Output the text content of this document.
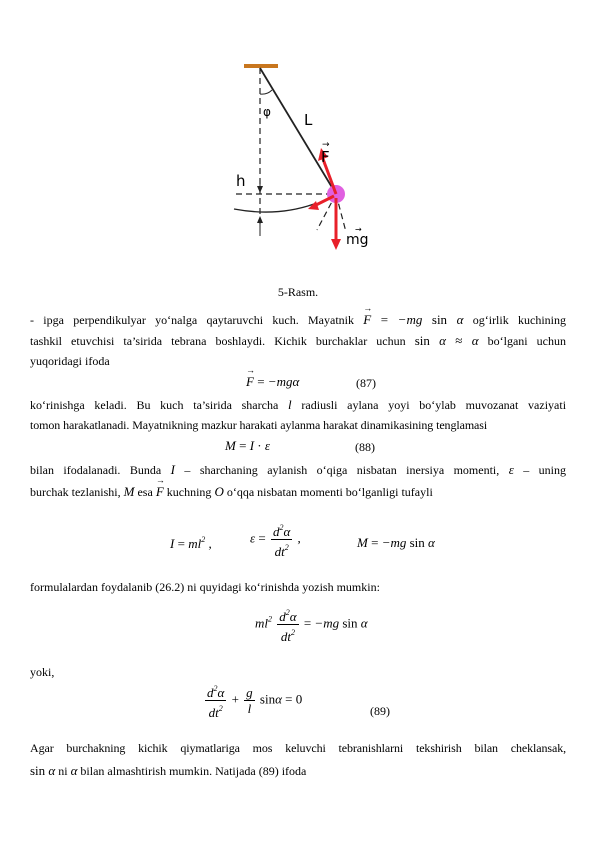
φ L
h
F
→
mg
→
5-Rasm.
- ipga perpendikulyar yo‘nalga qaytaruvchi kuch. Mayatnik → F = −mg sin α og‘irlik kuchining
tashkil etuvchisi ta’sirida tebrana boshlaydi. Kichik burchaklar uchun sin α ≈ α bo‘lgani uchun
yuqoridagi ifoda
→ F = −mgα	(87)
ko‘rinishga keladi. Bu kuch ta’sirida sharcha l radiusli aylana yoyi bo‘ylab muvozanat vaziyati
tomon harakatlanadi. Mayatnikning mazkur harakati aylanma harakat dinamikasining tenglamasi
M = I · ε	(88)
bilan ifodalanadi. Bunda I – sharchaning aylanish o‘qiga nisbatan inersiya momenti, ε – uning
burchak tezlanishi, M esa → F kuchning O o‘qqa nisbatan momenti bo‘lganligi tufayli
$I = ml^2$ ,	$\varepsilon = \frac{d^2\alpha}{dt^2}$ ,	M = −mg sin α
formulalardan foydalanib (26.2) ni quyidagi ko‘rinishda yozish mumkin:
$ml^2 \frac{d^2\alpha}{dt^2} = -mg$ sin α
yoki,
$\frac{d^2\alpha}{dt^2} + \frac{g}{l}$ sinα = 0
(89)
Agar burchakning kichik qiymatlariga mos keluvchi tebranishlarni tekshirish bilan cheklansak,
sin α ni α bilan almashtirish mumkin. Natijada (89) ifoda
